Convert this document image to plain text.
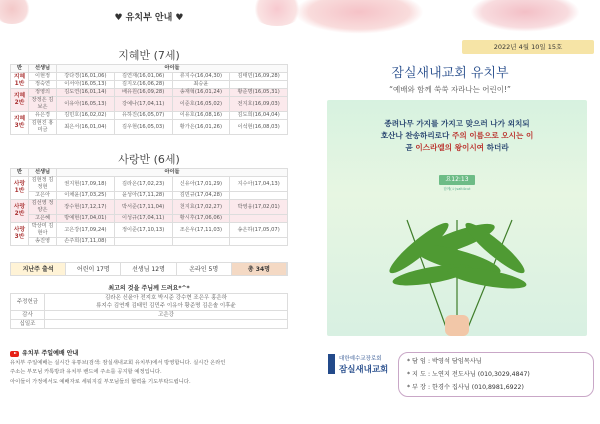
♥ 유치부 안내 ♥
지혜반 (7세)
반	선생님	아이들			
지혜1반	이현정	강다경(16,01,06)	김연재(16,01,06)	류지수(16,04,30)	김태민(16,09,28)
	정숙연	이서아(16,05,13)	김지오(16,06,28)	최승윤	
지혜2반	정영의	김도연(16,01,14)	배유원(16,09,28)	송재혁(16,01,24)	황준명(16,05,31)
	장정은 김보은	이유아(16,05,13)	강예나(17,04,11)	이준호(16,05,02)	전지호(16,09,03)
지혜3반	유은경	김민호(16,02,02)	유하진(16,05,07)	이유호(16,08,16)	김도희(16,04,04)
	김현진 홍미금	최은서(16,01,04)	김우현(16,05,03)	황가은(16,01,26)	이석현(16,08,03)
사랑반 (6세)
반	선생님	아이들			
사랑1반	김현정 김정현	권지현(17,09,18)	김라온(17,02,23)	신유아(17,01,29)	지수아(17,04,13)
	고은아	이채윤(17,03,25)	윤성아(17,11,28)	김민규(17,04,28)	
사랑2반	김선영 정양은	장수현(17,12,17)	박서준(17,11,04)	천지효(17,02,27)	박영웅(17,02,01)
	고은혜	방예현(17,04,01)	이성규(17,04,11)	황시후(17,06,06)	
사랑3반	박상미 김현아	고은강(17,09,24)	정이준(17,10,13)	조은우(17,11,03)	송은하(17,05,07)
	송진영	손주희(17,11,08)			
지난주 출석	어린이 17명	선생님 12명	온라인 5명	총 34명
최고의 것을 주님께 드려요*^*
주정헌금	김라온 신윤아 전지호 박시준 강수현 조은우 홍은하
류지수 김연재 김태민 김민주 이유아 황준명 김은솔 이후윤
감사	고은강
십일조	
유치부 주일예배 안내
유치부 주일예배는 실시간 유튜브(검색: 잠실새내교회 유치부)에서 방영합니다. 실시간 온라인
주소는 부모님 카톡방과 유치부 밴드에 주소를 공지할 예정입니다.
아이들이 가정에서도 예배자로 세워지길 부모님들의 협력을 기도부탁드립니다.
2022년 4월 10일 15호
잠실새내교회 유치부
“예배와 함께 쑥쑥 자라나는 어린이!”
종려나무 가지를 가지고 맞으러 나가 외치되
호산나 찬송하리로다 주의 이름으로 오시는 이
곧 이스라엘의 왕이시여 하더라
요12:13
함께(ㅎ)salt4cut
대한예수교장로회
잠실새내교회
* 담 임 : 박영석 담임목사님
* 지 도 : 노연지 전도사님 (010,3029,4847)
* 부 장 : 한경수 집사님 (010,8981,6922)
